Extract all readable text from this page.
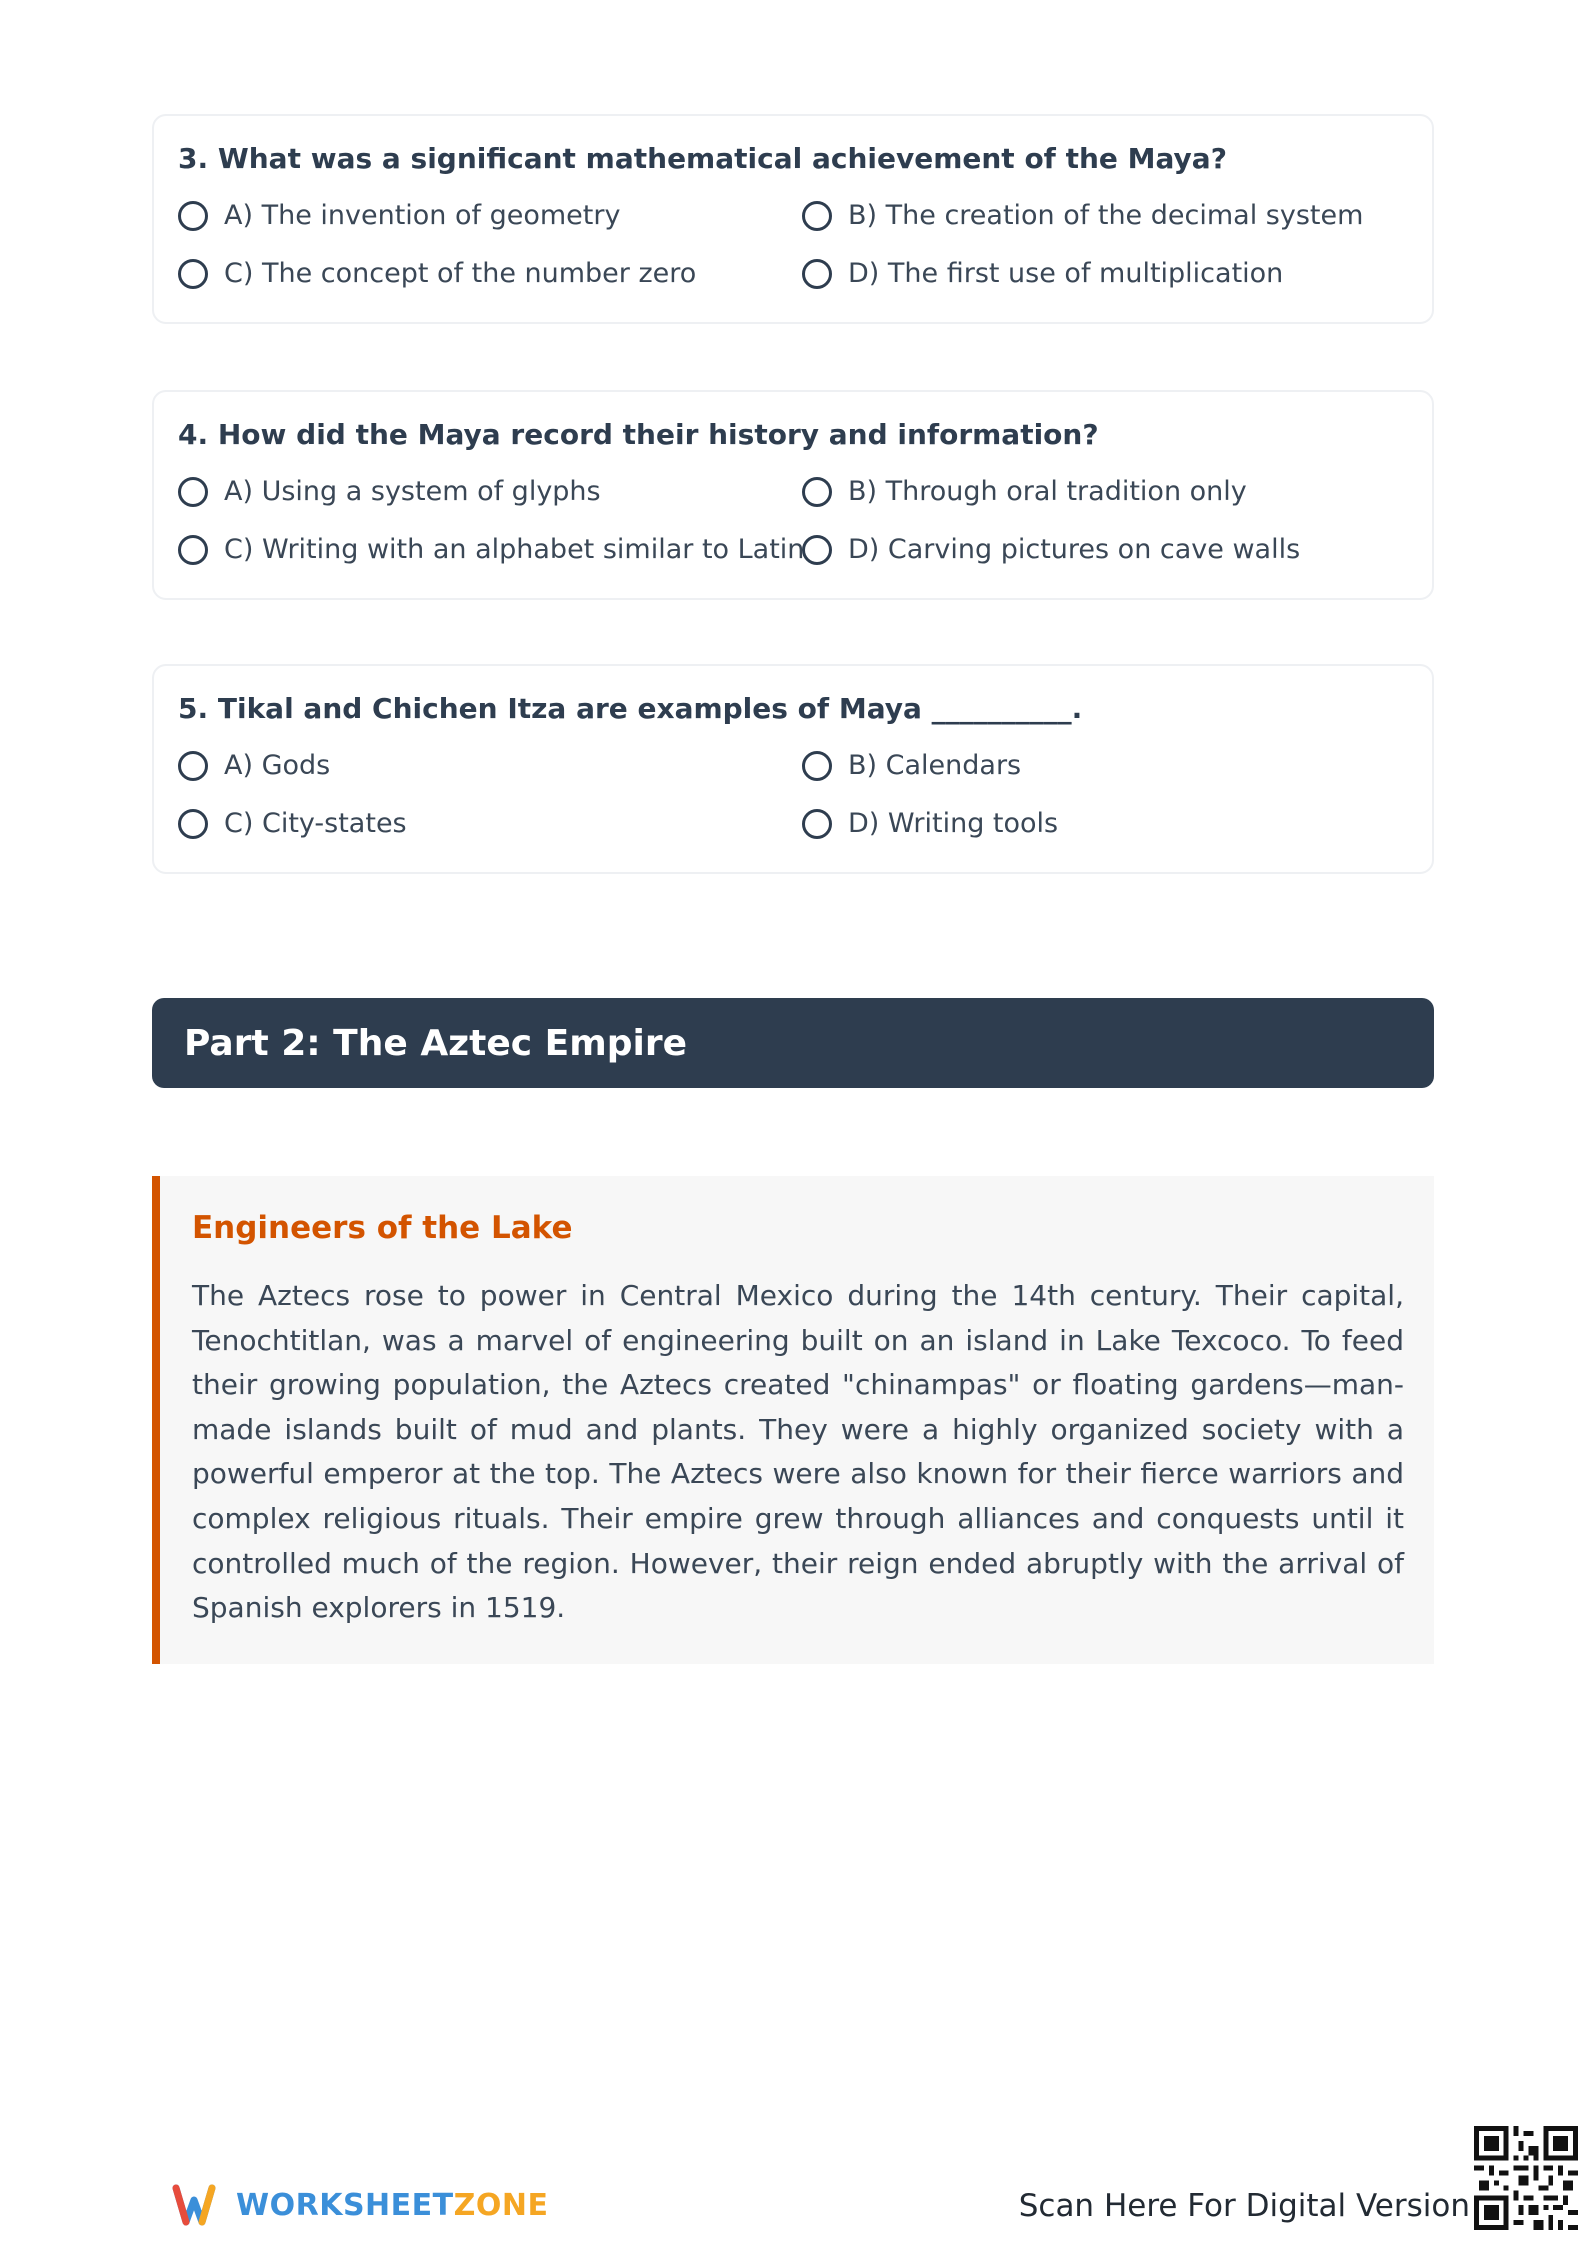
3. What was a significant mathematical achievement of the Maya?
A) The invention of geometry	B) The creation of the decimal system
C) The concept of the number zero	D) The first use of multiplication
4. How did the Maya record their history and information?
A) Using a system of glyphs	B) Through oral tradition only
C) Writing with an alphabet similar to Latin D) Carving pictures on cave walls
5. Tikal and Chichen Itza are examples of Maya __________.
A) Gods	B) Calendars
C) City-states	D) Writing tools
Part 2: The Aztec Empire
Engineers of the Lake
The Aztecs rose to power in Central Mexico during the 14th century. Their capital, Tenochtitlan, was a marvel of engineering built on an island in Lake Texcoco. To feed their growing population, the Aztecs created "chinampas" or floating gardens—man-made islands built of mud and plants. They were a highly organized society with a powerful emperor at the top. The Aztecs were also known for their fierce warriors and complex religious rituals. Their empire grew through alliances and conquests until it controlled much of the region. However, their reign ended abruptly with the arrival of Spanish explorers in 1519.
WORKSHEETZONE	Scan Here For Digital Version
